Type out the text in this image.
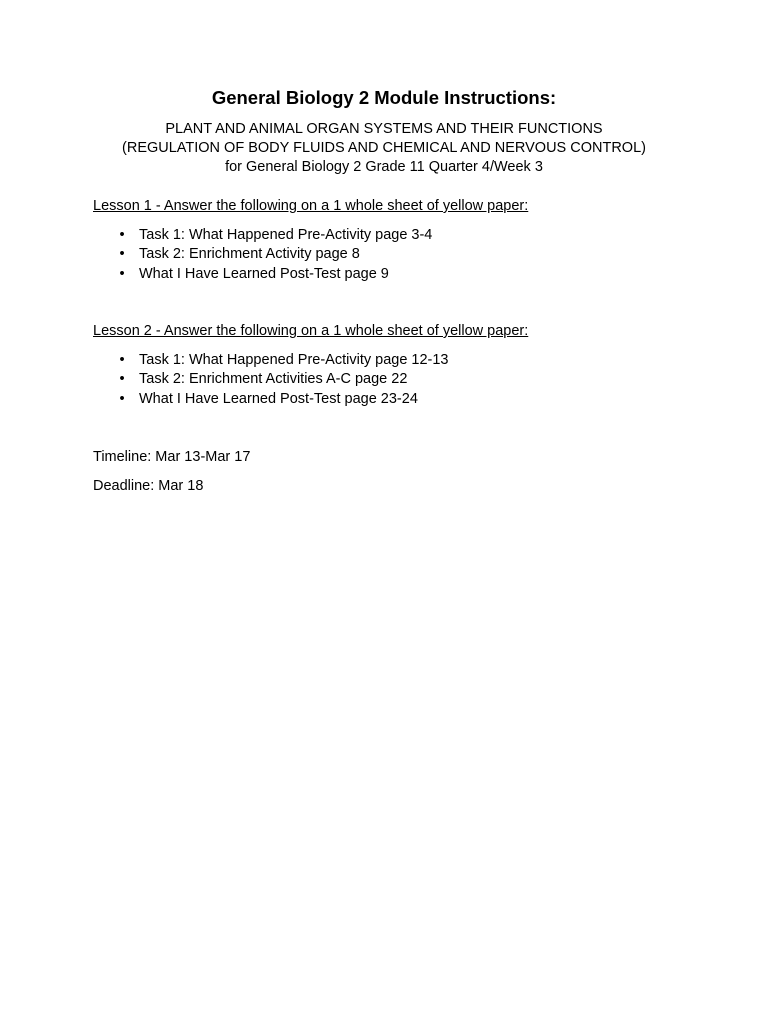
General Biology 2 Module Instructions:
PLANT AND ANIMAL ORGAN SYSTEMS AND THEIR FUNCTIONS
(REGULATION OF BODY FLUIDS AND CHEMICAL AND NERVOUS CONTROL)
for General Biology 2 Grade 11 Quarter 4/Week 3
Lesson 1 - Answer the following on a 1 whole sheet of yellow paper:
• Task 1: What Happened Pre-Activity page 3-4
• Task 2: Enrichment Activity page 8
• What I Have Learned Post-Test page 9
Lesson 2 - Answer the following on a 1 whole sheet of yellow paper:
• Task 1: What Happened Pre-Activity page 12-13
• Task 2: Enrichment Activities A-C page 22
• What I Have Learned Post-Test page 23-24
Timeline: Mar 13-Mar 17
Deadline: Mar 18
